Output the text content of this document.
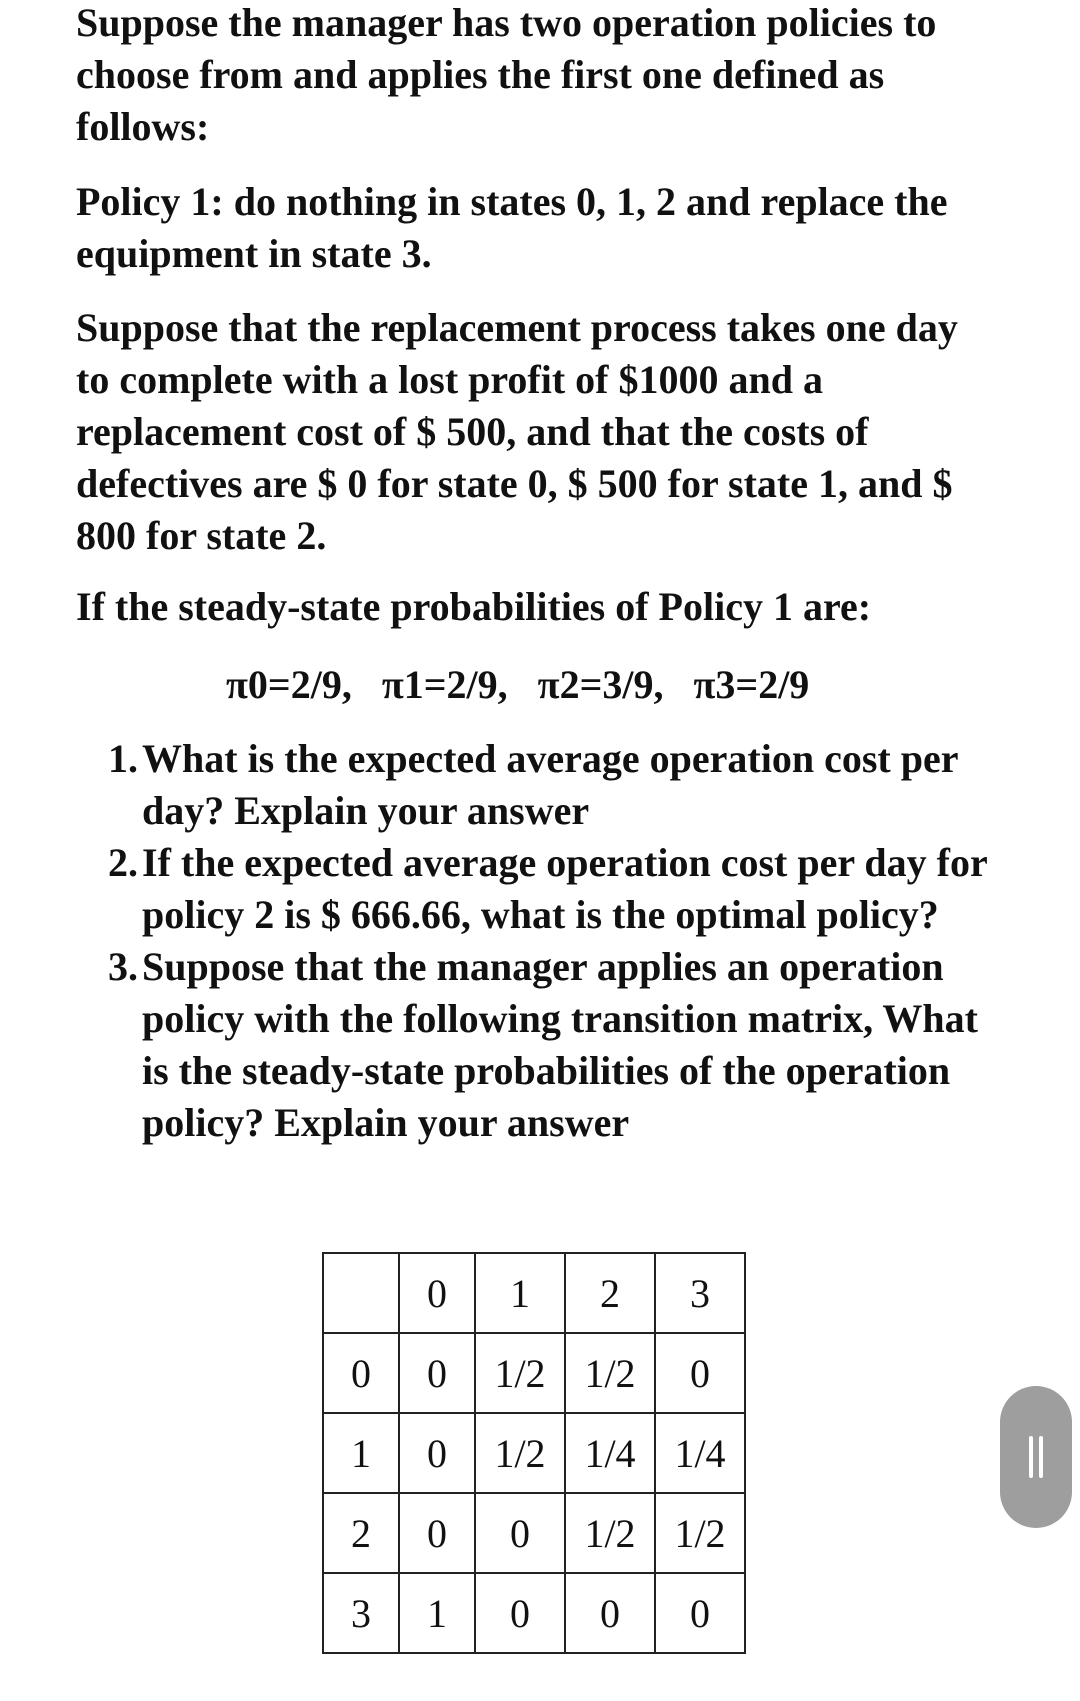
Suppose the manager has two operation policies to choose from and applies the first one defined as follows:

Policy 1: do nothing in states 0, 1, 2 and replace the equipment in state 3.

Suppose that the replacement process takes one day to complete with a lost profit of $1000 and a replacement cost of $ 500, and that the costs of defectives are $ 0 for state 0, $ 500 for state 1, and $ 800 for state 2.

If the steady-state probabilities of Policy 1 are:

π0=2/9, π1=2/9, π2=3/9, π3=2/9
1. What is the expected average operation cost per day? Explain your answer
2. If the expected average operation cost per day for policy 2 is $ 666.66, what is the optimal policy?
3. Suppose that the manager applies an operation policy with the following transition matrix, What is the steady-state probabilities of the operation policy? Explain your answer
	0	1	2	3
0	0	1/2	1/2	0
1	0	1/2	1/4	1/4
2	0	0	1/2	1/2
3	1	0	0	0
